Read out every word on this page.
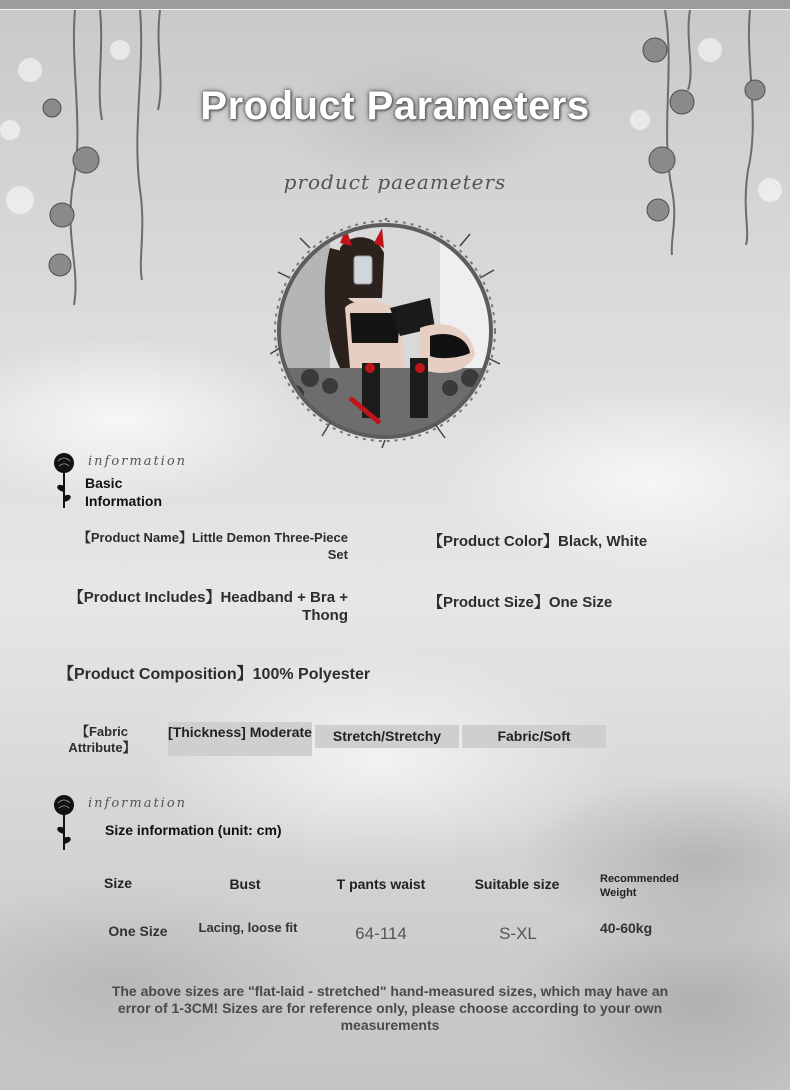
Product Parameters
product paeameters
information
Basic Information
【Product Name】Little Demon Three-Piece Set
【Product Color】Black, White
【Product Includes】Headband + Bra + Thong
【Product Size】One Size
【Product Composition】100% Polyester
【Fabric Attribute】
[Thickness] Moderate	Stretch/Stretchy	Fabric/Soft
information
Size information (unit: cm)
Size	Bust	T pants waist	Suitable size	Recommended Weight
One Size	Lacing, loose fit	64-114	S-XL	40-60kg
The above sizes are "flat-laid - stretched" hand-measured sizes, which may have an error of 1-3CM! Sizes are for reference only, please choose according to your own measurements
